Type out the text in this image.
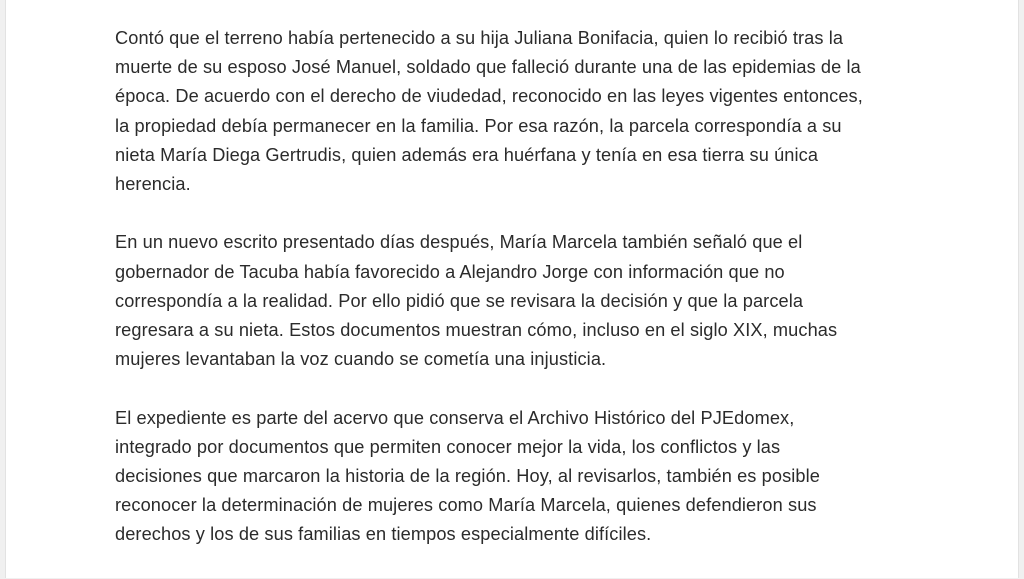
Contó que el terreno había pertenecido a su hija Juliana Bonifacia, quien lo recibió tras la
muerte de su esposo José Manuel, soldado que falleció durante una de las epidemias de la
época. De acuerdo con el derecho de viudedad, reconocido en las leyes vigentes entonces,
la propiedad debía permanecer en la familia. Por esa razón, la parcela correspondía a su
nieta María Diega Gertrudis, quien además era huérfana y tenía en esa tierra su única
herencia.

En un nuevo escrito presentado días después, María Marcela también señaló que el
gobernador de Tacuba había favorecido a Alejandro Jorge con información que no
correspondía a la realidad. Por ello pidió que se revisara la decisión y que la parcela
regresara a su nieta. Estos documentos muestran cómo, incluso en el siglo XIX, muchas
mujeres levantaban la voz cuando se cometía una injusticia.

El expediente es parte del acervo que conserva el Archivo Histórico del PJEdomex,
integrado por documentos que permiten conocer mejor la vida, los conflictos y las
decisiones que marcaron la historia de la región. Hoy, al revisarlos, también es posible
reconocer la determinación de mujeres como María Marcela, quienes defendieron sus
derechos y los de sus familias en tiempos especialmente difíciles.
